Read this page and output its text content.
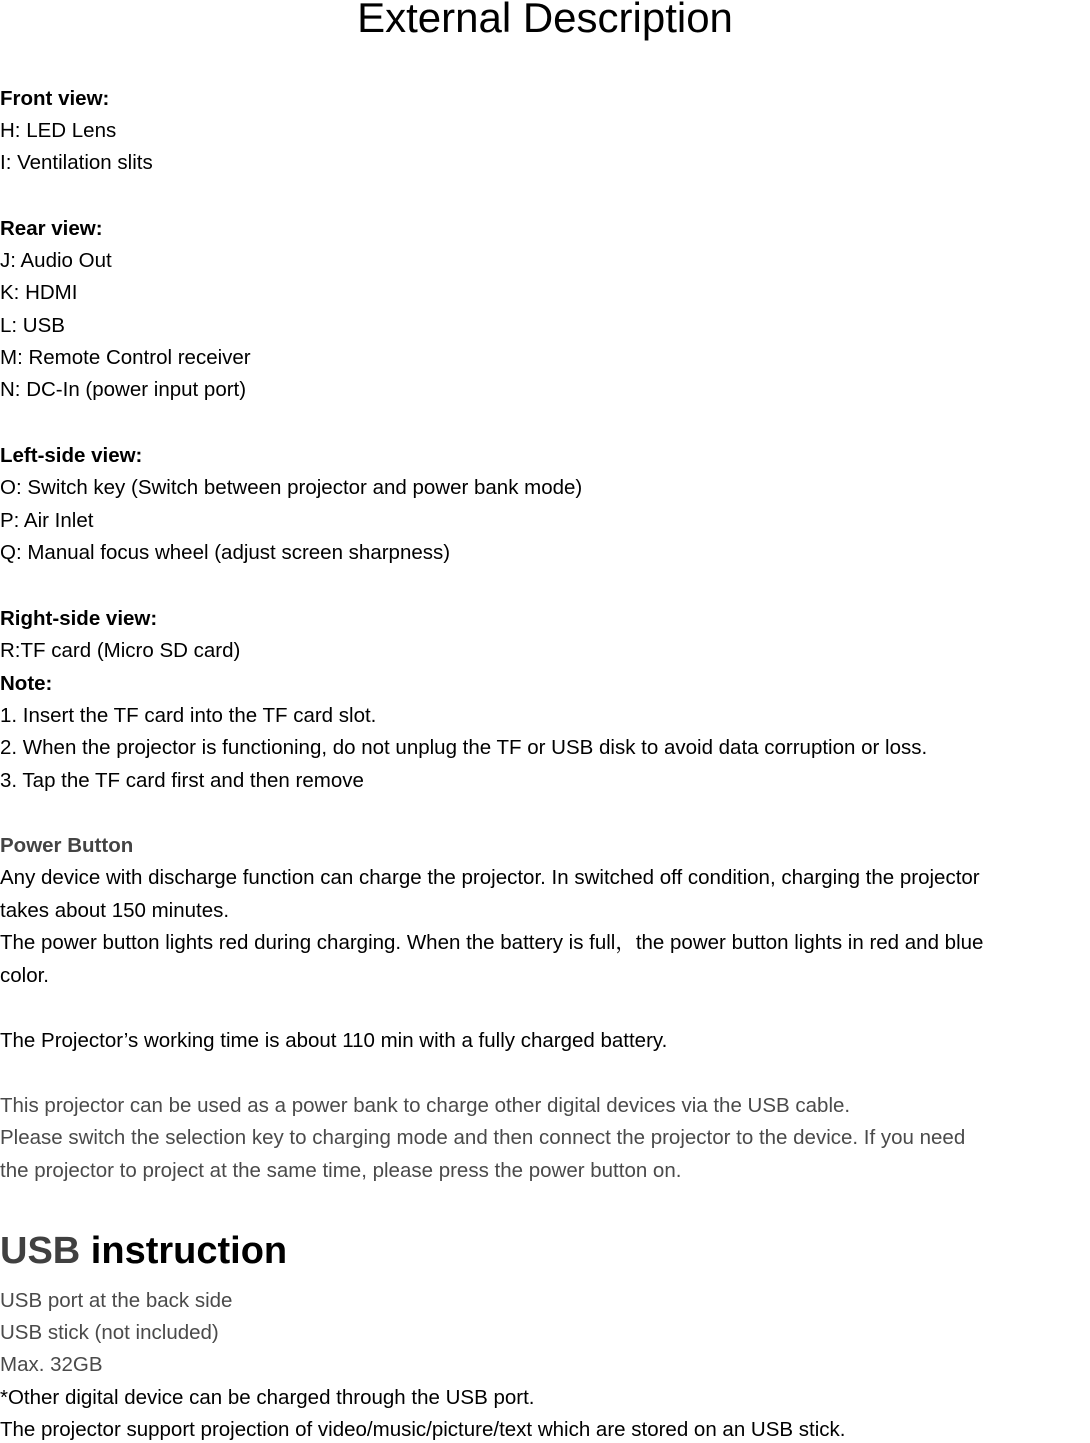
External Description
Front view:
H: LED Lens
I: Ventilation slits
Rear view:
J: Audio Out
K: HDMI
L: USB
M: Remote Control receiver
N: DC-In (power input port)
Left-side view:
O: Switch key (Switch between projector and power bank mode)
P: Air Inlet
Q: Manual focus wheel (adjust screen sharpness)
Right-side view:
R:TF card (Micro SD card)
Note:
1. Insert the TF card into the TF card slot.
2. When the projector is functioning, do not unplug the TF or USB disk to avoid data corruption or loss.
3. Tap the TF card first and then remove
Power Button
Any device with discharge function can charge the projector. In switched off condition, charging the projector
takes about 150 minutes.
The power button lights red during charging. When the battery is full，the power button lights in red and blue
color.
The Projector’s working time is about 110 min with a fully charged battery.
This projector can be used as a power bank to charge other digital devices via the USB cable.
Please switch the selection key to charging mode and then connect the projector to the device. If you need
the projector to project at the same time, please press the power button on.
USB instruction
USB port at the back side
USB stick (not included)
Max. 32GB
*Other digital device can be charged through the USB port.
The projector support projection of video/music/picture/text which are stored on an USB stick.
